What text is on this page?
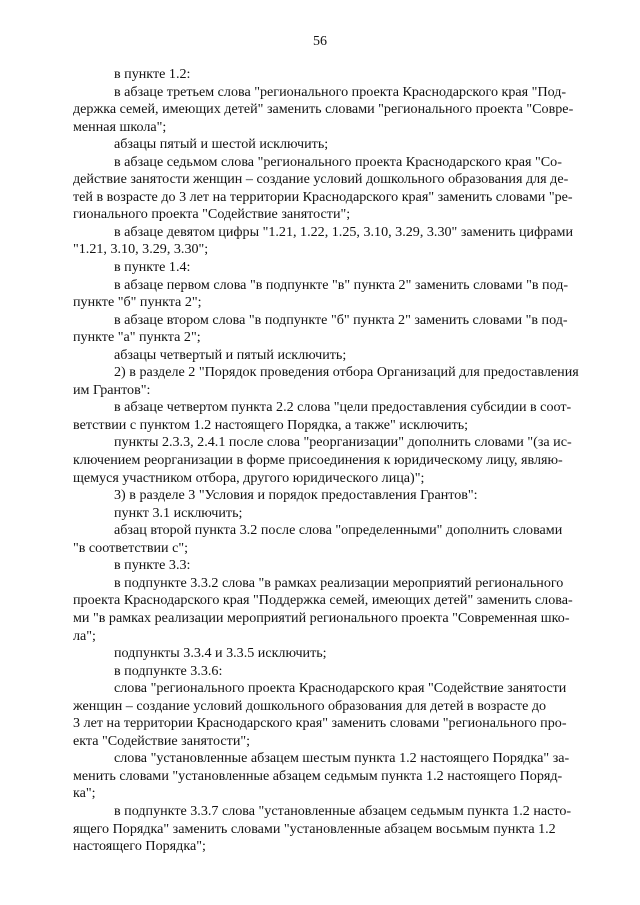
56

в пункте 1.2:

в абзаце третьем слова "регионального проекта Краснодарского края "Под-
держка семей, имеющих детей" заменить словами "регионального проекта "Совре-
менная школа";

абзацы пятый и шестой исключить;

в абзаце седьмом слова "регионального проекта Краснодарского края "Со-
действие занятости женщин – создание условий дошкольного образования для де-
тей в возрасте до 3 лет на территории Краснодарского края" заменить словами "ре-
гионального проекта "Содействие занятости";

в абзаце девятом цифры "1.21, 1.22, 1.25, 3.10, 3.29, 3.30" заменить цифрами
"1.21, 3.10, 3.29, 3.30";

в пункте 1.4:

в абзаце первом слова "в подпункте "в" пункта 2" заменить словами "в под-
пункте "б" пункта 2";

в абзаце втором слова "в подпункте "б" пункта 2" заменить словами "в под-
пункте "а" пункта 2";

абзацы четвертый и пятый исключить;

2) в разделе 2 "Порядок проведения отбора Организаций для предоставления
им Грантов":

в абзаце четвертом пункта 2.2 слова "цели предоставления субсидии в соот-
ветствии с пунктом 1.2 настоящего Порядка, а также" исключить;

пункты 2.3.3, 2.4.1 после слова "реорганизации" дополнить словами "(за ис-
ключением реорганизации в форме присоединения к юридическому лицу, являю-
щемуся участником отбора, другого юридического лица)";

3) в разделе 3 "Условия и порядок предоставления Грантов":

пункт 3.1 исключить;

абзац второй пункта 3.2 после слова "определенными" дополнить словами
"в соответствии с";

в пункте 3.3:

в подпункте 3.3.2 слова "в рамках реализации мероприятий регионального
проекта Краснодарского края "Поддержка семей, имеющих детей" заменить слова-
ми "в рамках реализации мероприятий регионального проекта "Современная шко-
ла";

подпункты 3.3.4 и 3.3.5 исключить;

в подпункте 3.3.6:

слова "регионального проекта Краснодарского края "Содействие занятости
женщин – создание условий дошкольного образования для детей в возрасте до
3 лет на территории Краснодарского края" заменить словами "регионального про-
екта "Содействие занятости";

слова "установленные абзацем шестым пункта 1.2 настоящего Порядка" за-
менить словами "установленные абзацем седьмым пункта 1.2 настоящего Поряд-
ка";

в подпункте 3.3.7 слова "установленные абзацем седьмым пункта 1.2 насто-
ящего Порядка" заменить словами "установленные абзацем восьмым пункта 1.2
настоящего Порядка";
